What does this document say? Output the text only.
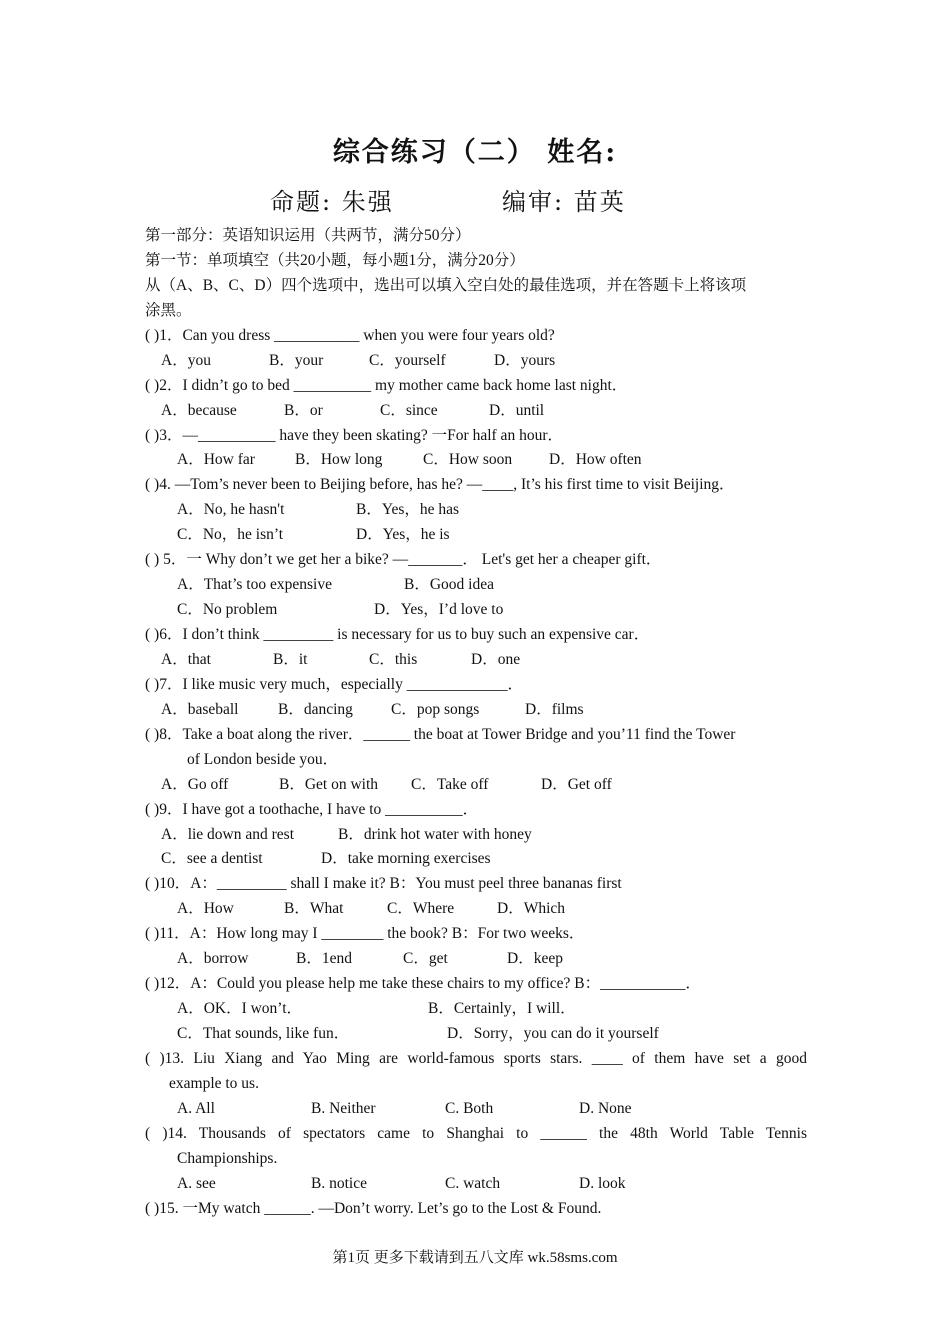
综合练习（二） 姓名:
命题: 朱强	编审: 苗英
第一部分：英语知识运用（共两节，满分50分）
第一节：单项填空（共20小题，每小题1分，满分20分）
从（A、B、C、D）四个选项中，选出可以填入空白处的最佳选项，并在答题卡上将该项
涂黑。
( )1．Can you dress ___________ when you were four years old?
A．you	B．your	C．yourself	D．yours
( )2．I didn’t go to bed __________ my mother came back home last night．
A．because	B．or	C．since	D．until
( )3．—__________ have they been skating? 一For half an hour．
A．How far	B．How long	C．How soon D．How often
( )4. —Tom’s never been to Beijing before, has he? —____, It’s his first time to visit Beijing．
A．No, he hasn't	B．Yes，he has
C．No，he isn’t	D．Yes，he is
( ) 5．一 Why don’t we get her a bike? —_______． Let's get her a cheaper gift．
A．That’s too expensive	B．Good idea
C．No problem	D．Yes，I’d love to
( )6．I don’t think _________ is necessary for us to buy such an expensive car．
A．that	B．it	C．this	D．one
( )7．I like music very much，especially _____________．
A．baseball	B．dancing C．pop songs	D．films
( )8．Take a boat along the river．______ the boat at Tower Bridge and you’11 find the Tower
of London beside you．
A．Go off	B．Get on with C．Take off	D．Get off
( )9．I have got a toothache, I have to __________．
A．lie down and rest	B．drink hot water with honey
C．see a dentist	D．take morning exercises
( )10．A：_________ shall I make it? B：You must peel three bananas first
A．How	B．What	C．Where	D．Which
( )11．A：How long may I ________ the book? B：For two weeks．
A．borrow	B．1end	C．get	D．keep
( )12．A：Could you please help me take these chairs to my office? B：___________．
A．OK．I won’t．	B．Certainly，I will．
C．That sounds, like fun．	D．Sorry，you can do it yourself
( )13. Liu Xiang and Yao Ming are world-famous sports stars. ____ of them have set a good
example to us.
A. All	B. Neither	C. Both	D. None
( )14. Thousands of spectators came to Shanghai to ______ the 48th World Table Tennis
Championships.
A. see	B. notice	C. watch	D. look
( )15. 一My watch ______. —Don’t worry. Let’s go to the Lost & Found.
第1页 更多下载请到五八文库 wk.58sms.com
